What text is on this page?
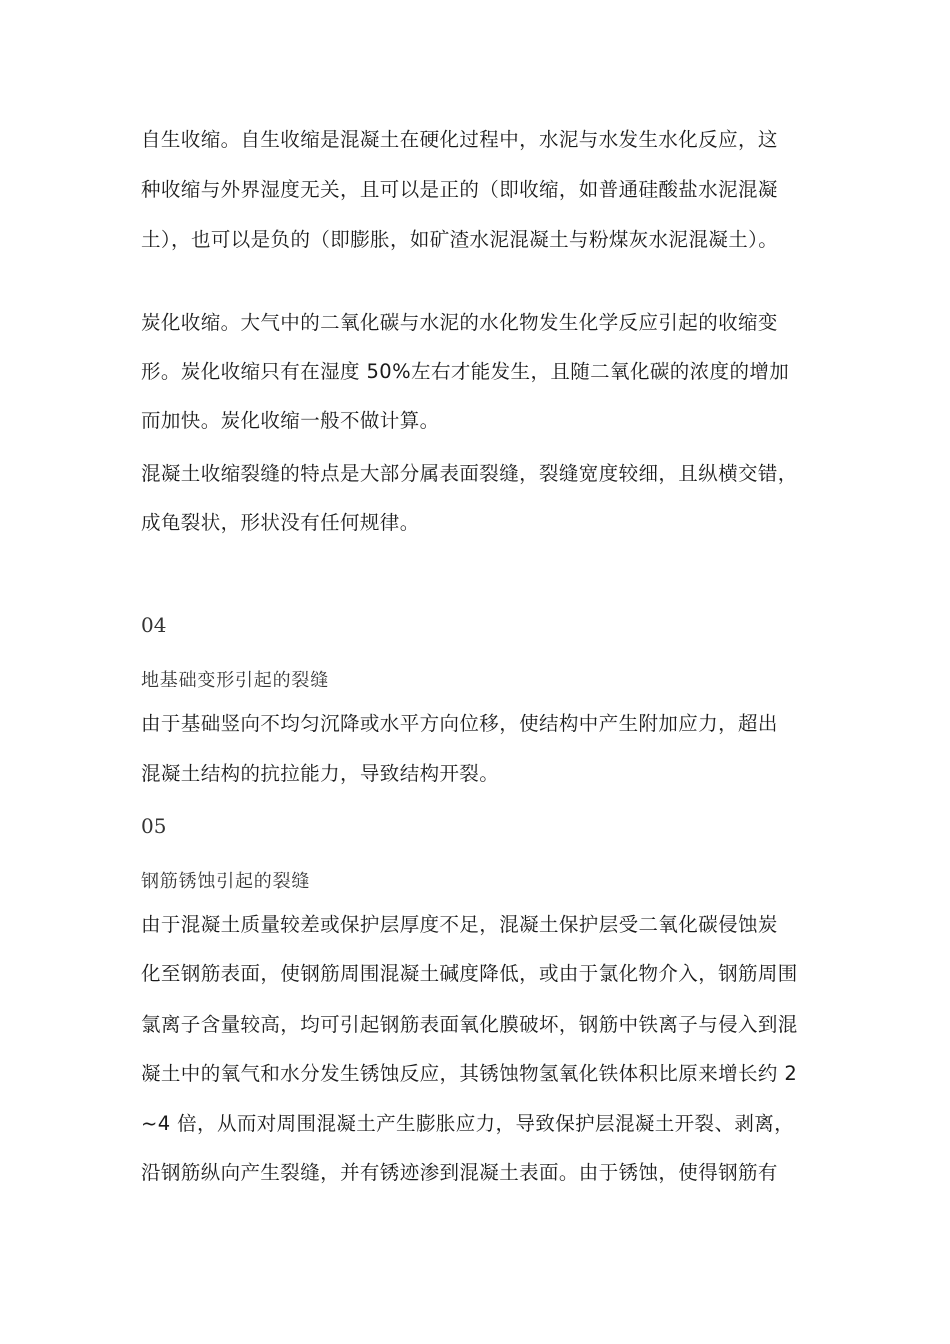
自生收缩。自生收缩是混凝土在硬化过程中，水泥与水发生水化反应，这
种收缩与外界湿度无关，且可以是正的（即收缩，如普通硅酸盐水泥混凝
土），也可以是负的（即膨胀，如矿渣水泥混凝土与粉煤灰水泥混凝土）。
炭化收缩。大气中的二氧化碳与水泥的水化物发生化学反应引起的收缩变
形。炭化收缩只有在湿度 50%左右才能发生，且随二氧化碳的浓度的增加
而加快。炭化收缩一般不做计算。
混凝土收缩裂缝的特点是大部分属表面裂缝，裂缝宽度较细，且纵横交错，
成龟裂状，形状没有任何规律。
04
地基础变形引起的裂缝
由于基础竖向不均匀沉降或水平方向位移，使结构中产生附加应力，超出
混凝土结构的抗拉能力，导致结构开裂。
05
钢筋锈蚀引起的裂缝
由于混凝土质量较差或保护层厚度不足，混凝土保护层受二氧化碳侵蚀炭
化至钢筋表面，使钢筋周围混凝土碱度降低，或由于氯化物介入，钢筋周围
氯离子含量较高，均可引起钢筋表面氧化膜破坏，钢筋中铁离子与侵入到混
凝土中的氧气和水分发生锈蚀反应，其锈蚀物氢氧化铁体积比原来增长约 2
~4 倍，从而对周围混凝土产生膨胀应力，导致保护层混凝土开裂、剥离，
沿钢筋纵向产生裂缝，并有锈迹渗到混凝土表面。由于锈蚀，使得钢筋有
